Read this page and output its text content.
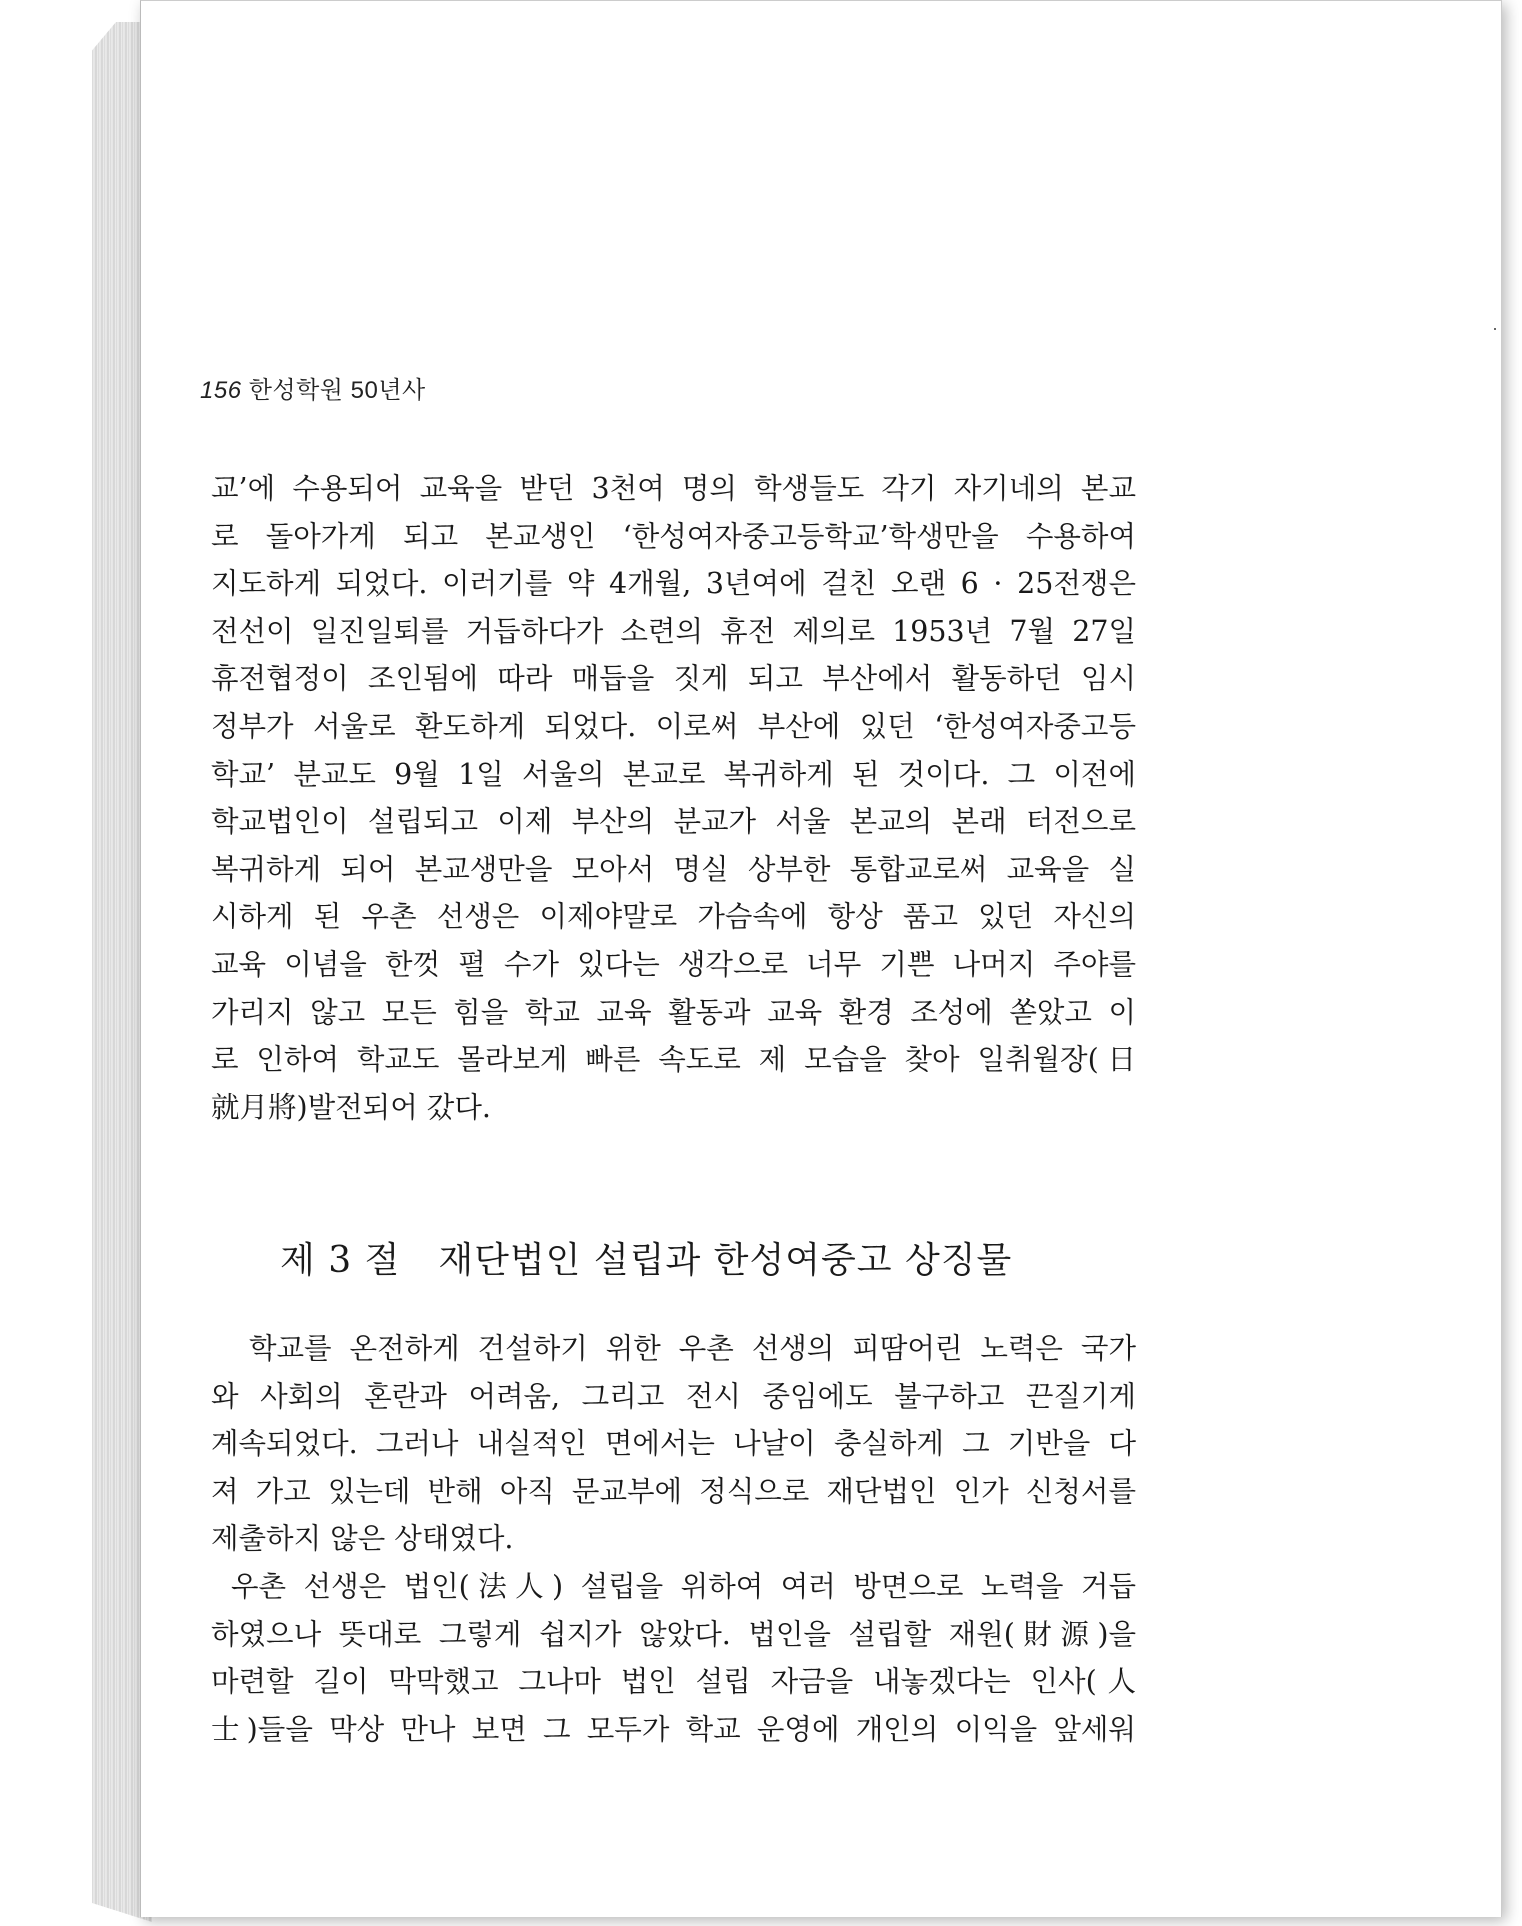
156 한성학원 50년사
교’에 수용되어 교육을 받던 3천여 명의 학생들도 각기 자기네의 본교
로 돌아가게 되고 본교생인 ‘한성여자중고등학교’학생만을 수용하여
지도하게 되었다. 이러기를 약 4개월, 3년여에 걸친 오랜 6 · 25전쟁은
전선이 일진일퇴를 거듭하다가 소련의 휴전 제의로 1953년 7월 27일
휴전협정이 조인됨에 따라 매듭을 짓게 되고 부산에서 활동하던 임시
정부가 서울로 환도하게 되었다. 이로써 부산에 있던 ‘한성여자중고등
학교’ 분교도 9월 1일 서울의 본교로 복귀하게 된 것이다. 그 이전에
학교법인이 설립되고 이제 부산의 분교가 서울 본교의 본래 터전으로
복귀하게 되어 본교생만을 모아서 명실 상부한 통합교로써 교육을 실
시하게 된 우촌 선생은 이제야말로 가슴속에 항상 품고 있던 자신의
교육 이념을 한껏 펼 수가 있다는 생각으로 너무 기쁜 나머지 주야를
가리지 않고 모든 힘을 학교 교육 활동과 교육 환경 조성에 쏟았고 이
로 인하여 학교도 몰라보게 빠른 속도로 제 모습을 찾아 일취월장(日
就月將)발전되어 갔다.
제 3 절 재단법인 설립과 한성여중고 상징물
학교를 온전하게 건설하기 위한 우촌 선생의 피땀어린 노력은 국가
와 사회의 혼란과 어려움, 그리고 전시 중임에도 불구하고 끈질기게
계속되었다. 그러나 내실적인 면에서는 나날이 충실하게 그 기반을 다
져 가고 있는데 반해 아직 문교부에 정식으로 재단법인 인가 신청서를
제출하지 않은 상태였다.
우촌 선생은 법인(法人) 설립을 위하여 여러 방면으로 노력을 거듭
하였으나 뜻대로 그렇게 쉽지가 않았다. 법인을 설립할 재원(財源)을
마련할 길이 막막했고 그나마 법인 설립 자금을 내놓겠다는 인사(人
士)들을 막상 만나 보면 그 모두가 학교 운영에 개인의 이익을 앞세워
